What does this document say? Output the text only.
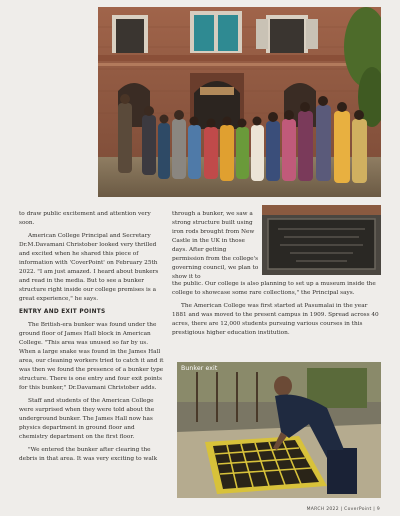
to draw public excitement and attention very soon.

American College Principal and Secretary Dr.M.Davamani Christober looked very thrilled and excited when he shared this piece of information with 'CoverPoint' on February 25th 2022. "I am just amazed. I heard about bunkers and read in the media. But to see a bunker structure right inside our college premises is a great experience," he says.

ENTRY AND EXIT POINTS

The British-era bunker was found under the ground floor of James Hall block in American College. "This area was unused so far by us. When a large snake was found in the James Hall area, our cleaning workers tried to catch it and it was then we found the presence of a bunker type structure. There is one entry and four exit points for this bunker," Dr.Davamani Christober adds.

Staff and students of the American College were surprised when they were told about the underground bunker. The James Hall now has physics department in ground floor and chemistry department on the first floor.

"We entered the bunker after clearing the debris in that area. It was very exciting to walk

through a bunker, we saw a strong structure built using iron rods brought from New Castle in the UK in those days. After getting permission from the college's governing council, we plan to show it to

the public. Our college is also planning to set up a museum inside the college to showcase some rare collections," the Principal says.

The American College was first started at Pasumalai in the year 1881 and was moved to the present campus in 1909. Spread across 40 acres, there are 12,000 students pursuing various courses in this prestigious higher education institution.

Bunker exit
MARCH 2022 | CoverPoint | 9
